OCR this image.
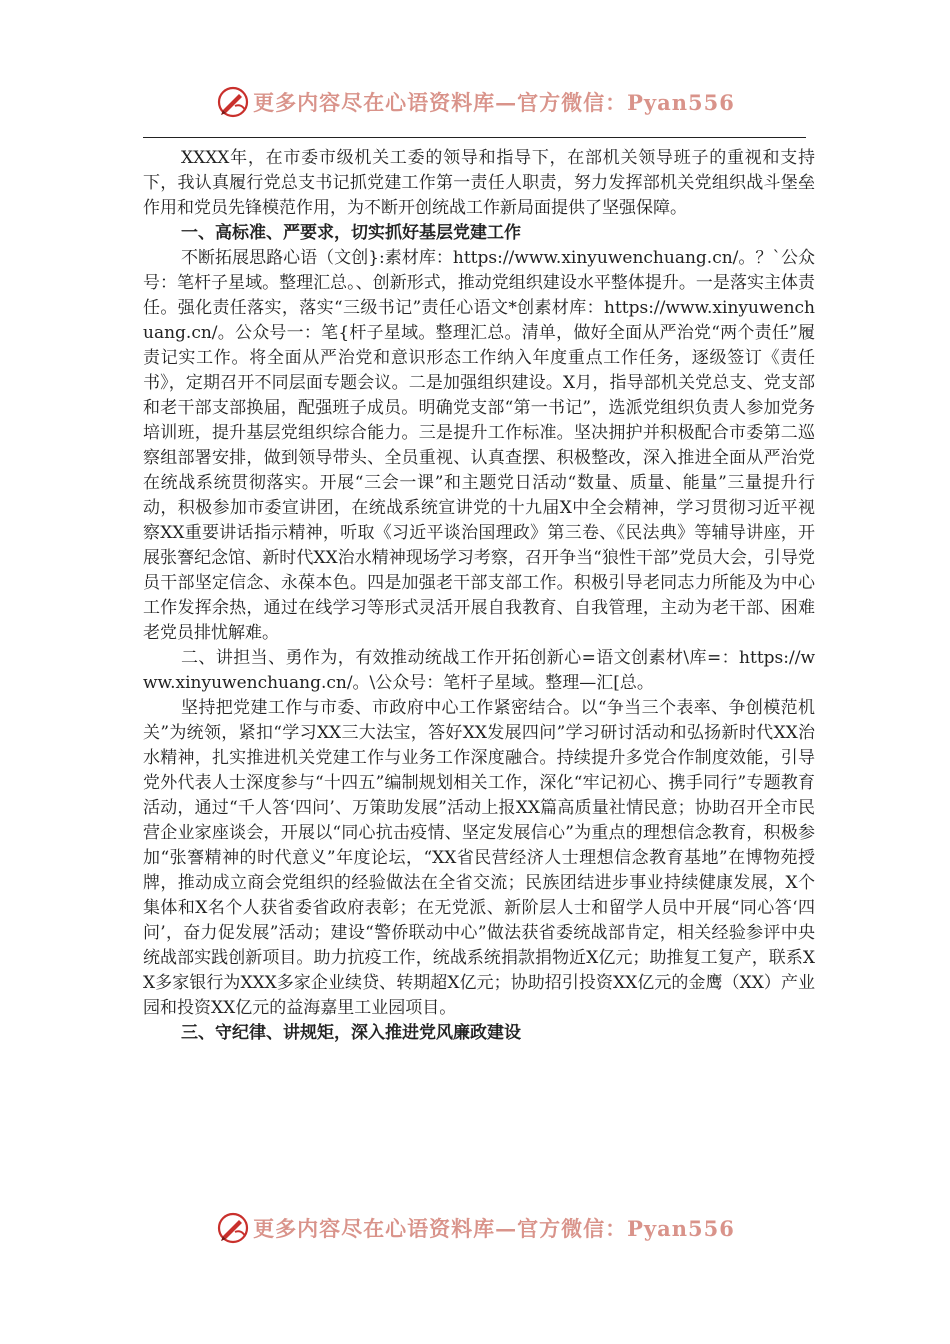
更多内容尽在心语资料库—官方微信：Pyan556

XXXX年，在市委市级机关工委的领导和指导下，在部机关领导班子的重视和支持下，我认真履行党总支书记抓党建工作第一责任人职责，努力发挥部机关党组织战斗堡垒作用和党员先锋模范作用，为不断开创统战工作新局面提供了坚强保障。

一、高标准、严要求，切实抓好基层党建工作

不断拓展思路心语（文创}:素材库：https://www.xinyuwenchuang.cn/。？`公众号：笔杆子星域。整理汇总。、创新形式，推动党组织建设水平整体提升。一是落实主体责任。强化责任落实，落实“三级书记”责任心语文*创素材库：https://www.xinyuwenchuang.cn/。公众号一：笔{杆子星域。整理汇总。清单，做好全面从严治党“两个责任”履责记实工作。将全面从严治党和意识形态工作纳入年度重点工作任务，逐级签订《责任书》，定期召开不同层面专题会议。二是加强组织建设。X月，指导部机关党总支、党支部和老干部支部换届，配强班子成员。明确党支部“第一书记”，选派党组织负责人参加党务培训班，提升基层党组织综合能力。三是提升工作标准。坚决拥护并积极配合市委第二巡察组部署安排，做到领导带头、全员重视、认真查摆、积极整改，深入推进全面从严治党在统战系统贯彻落实。开展“三会一课”和主题党日活动“数量、质量、能量”三量提升行动，积极参加市委宣讲团，在统战系统宣讲党的十九届X中全会精神，学习贯彻习近平视察XX重要讲话指示精神，听取《习近平谈治国理政》第三卷、《民法典》等辅导讲座，开展张謇纪念馆、新时代XX治水精神现场学习考察，召开争当“狼性干部”党员大会，引导党员干部坚定信念、永葆本色。四是加强老干部支部工作。积极引导老同志力所能及为中心工作发挥余热，通过在线学习等形式灵活开展自我教育、自我管理，主动为老干部、困难老党员排忧解难。

二、讲担当、勇作为，有效推动统战工作开拓创新心=语文创素材\库=：https://www.xinyuwenchuang.cn/。\公众号：笔杆子星域。整理—汇[总。

坚持把党建工作与市委、市政府中心工作紧密结合。以“争当三个表率、争创模范机关”为统领，紧扣“学习XX三大法宝，答好XX发展四问”学习研讨活动和弘扬新时代XX治水精神，扎实推进机关党建工作与业务工作深度融合。持续提升多党合作制度效能，引导党外代表人士深度参与“十四五”编制规划相关工作，深化“牢记初心、携手同行”专题教育活动，通过“千人答‘四问’、万策助发展”活动上报XX篇高质量社情民意；协助召开全市民营企业家座谈会，开展以“同心抗击疫情、坚定发展信心”为重点的理想信念教育，积极参加“张謇精神的时代意义”年度论坛，“XX省民营经济人士理想信念教育基地”在博物苑授牌，推动成立商会党组织的经验做法在全省交流；民族团结进步事业持续健康发展，X个集体和X名个人获省委省政府表彰；在无党派、新阶层人士和留学人员中开展“同心答‘四问’，奋力促发展”活动；建设“警侨联动中心”做法获省委统战部肯定，相关经验参评中央统战部实践创新项目。助力抗疫工作，统战系统捐款捐物近X亿元；助推复工复产，联系XX多家银行为XXX多家企业续贷、转期超X亿元；协助招引投资XX亿元的金鹰（XX）产业园和投资XX亿元的益海嘉里工业园项目。

三、守纪律、讲规矩，深入推进党风廉政建设

更多内容尽在心语资料库—官方微信：Pyan556
